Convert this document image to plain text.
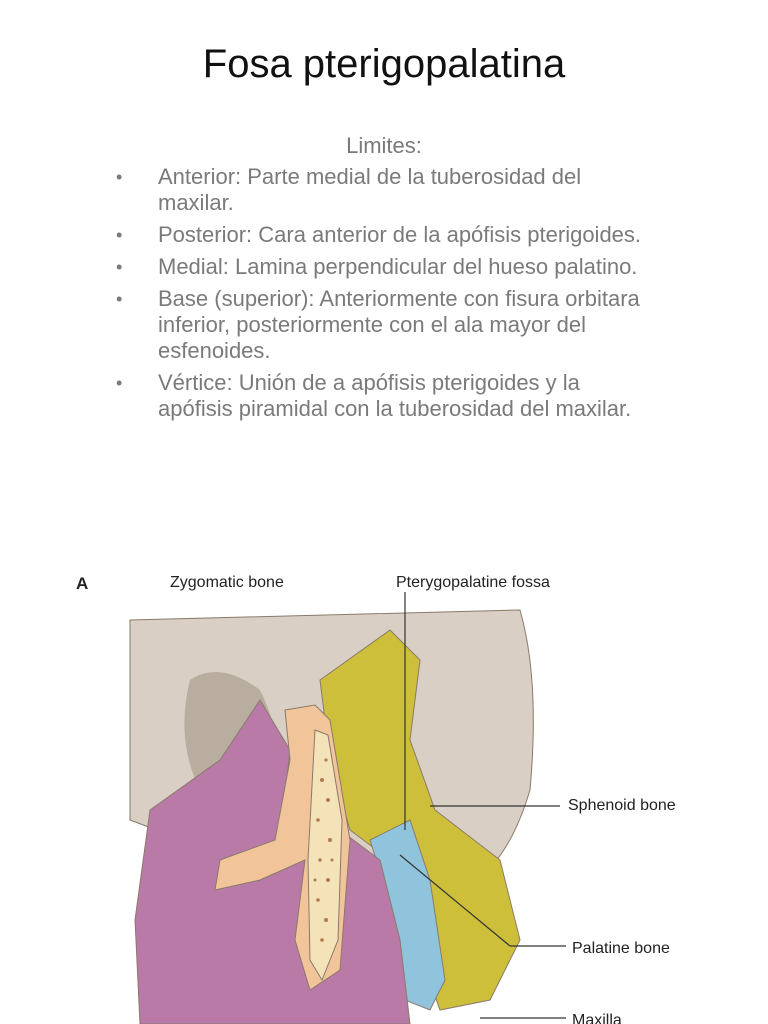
Fosa pterigopalatina
Limites:
• Anterior: Parte medial de la tuberosidad del maxilar.
• Posterior: Cara anterior de la apófisis pterigoides.
• Medial: Lamina perpendicular del hueso palatino.
• Base (superior): Anteriormente con fisura orbitara inferior, posteriormente con el ala mayor del esfenoides.
• Vértice: Unión de a apófisis pterigoides y la apófisis piramidal con la tuberosidad del maxilar.
A	Zygomatic bone	Pterygopalatine fossa
Sphenoid bone
Palatine bone
Maxilla
